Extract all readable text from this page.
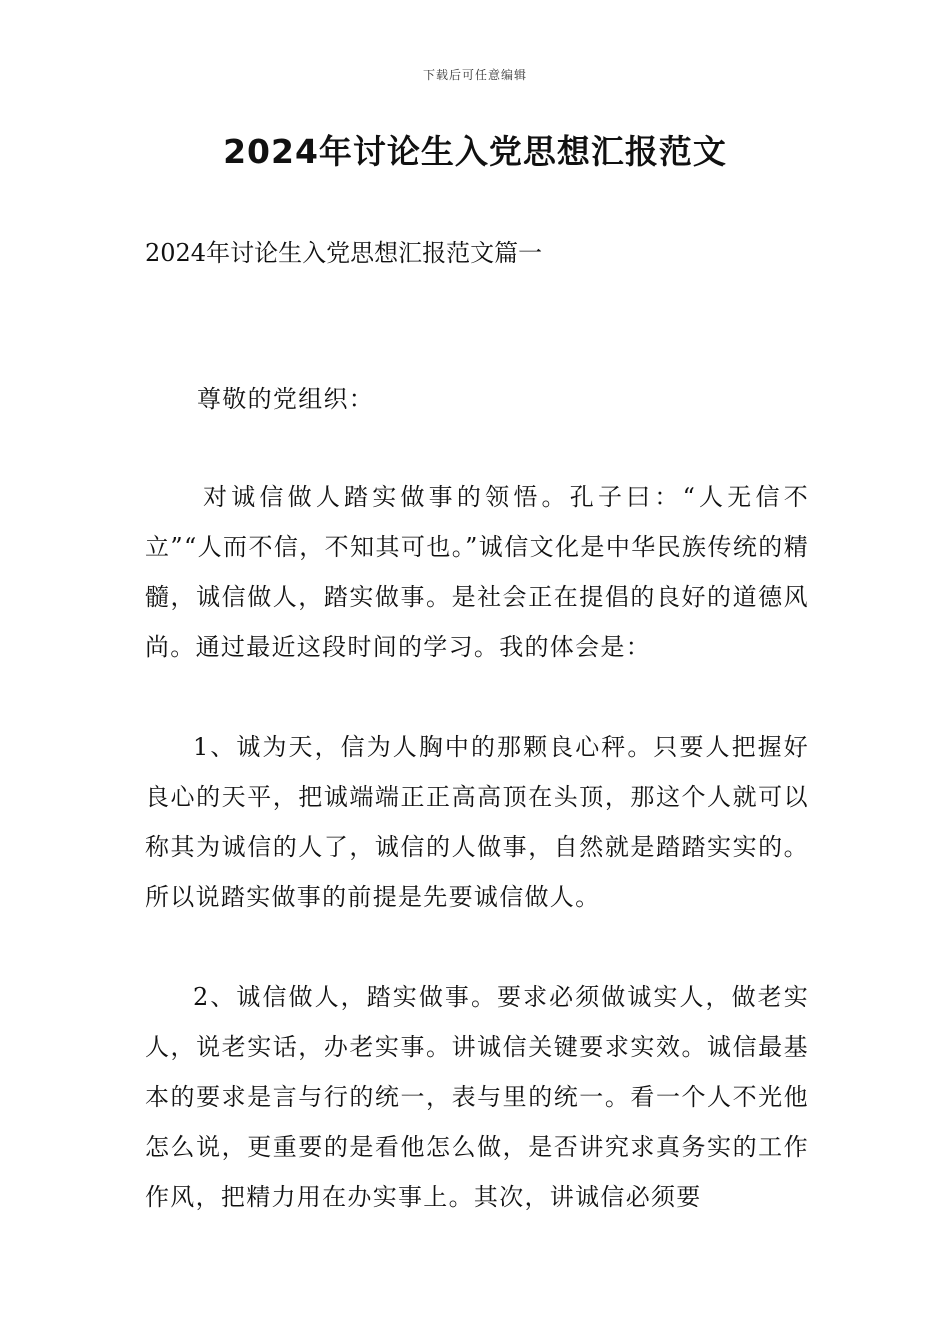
下载后可任意编辑
2024年讨论生入党思想汇报范文

2024年讨论生入党思想汇报范文篇一

尊敬的党组织：

对诚信做人踏实做事的领悟。孔子曰：“人无信不立”“人而不信，不知其可也。”诚信文化是中华民族传统的精髓，诚信做人，踏实做事。是社会正在提倡的良好的道德风尚。通过最近这段时间的学习。我的体会是：

1、诚为天，信为人胸中的那颗良心秤。只要人把握好良心的天平，把诚端端正正高高顶在头顶，那这个人就可以称其为诚信的人了，诚信的人做事，自然就是踏踏实实的。所以说踏实做事的前提是先要诚信做人。

2、诚信做人，踏实做事。要求必须做诚实人，做老实人，说老实话，办老实事。讲诚信关键要求实效。诚信最基本的要求是言与行的统一，表与里的统一。看一个人不光他怎么说，更重要的是看他怎么做，是否讲究求真务实的工作作风，把精力用在办实事上。其次，讲诚信必须要
